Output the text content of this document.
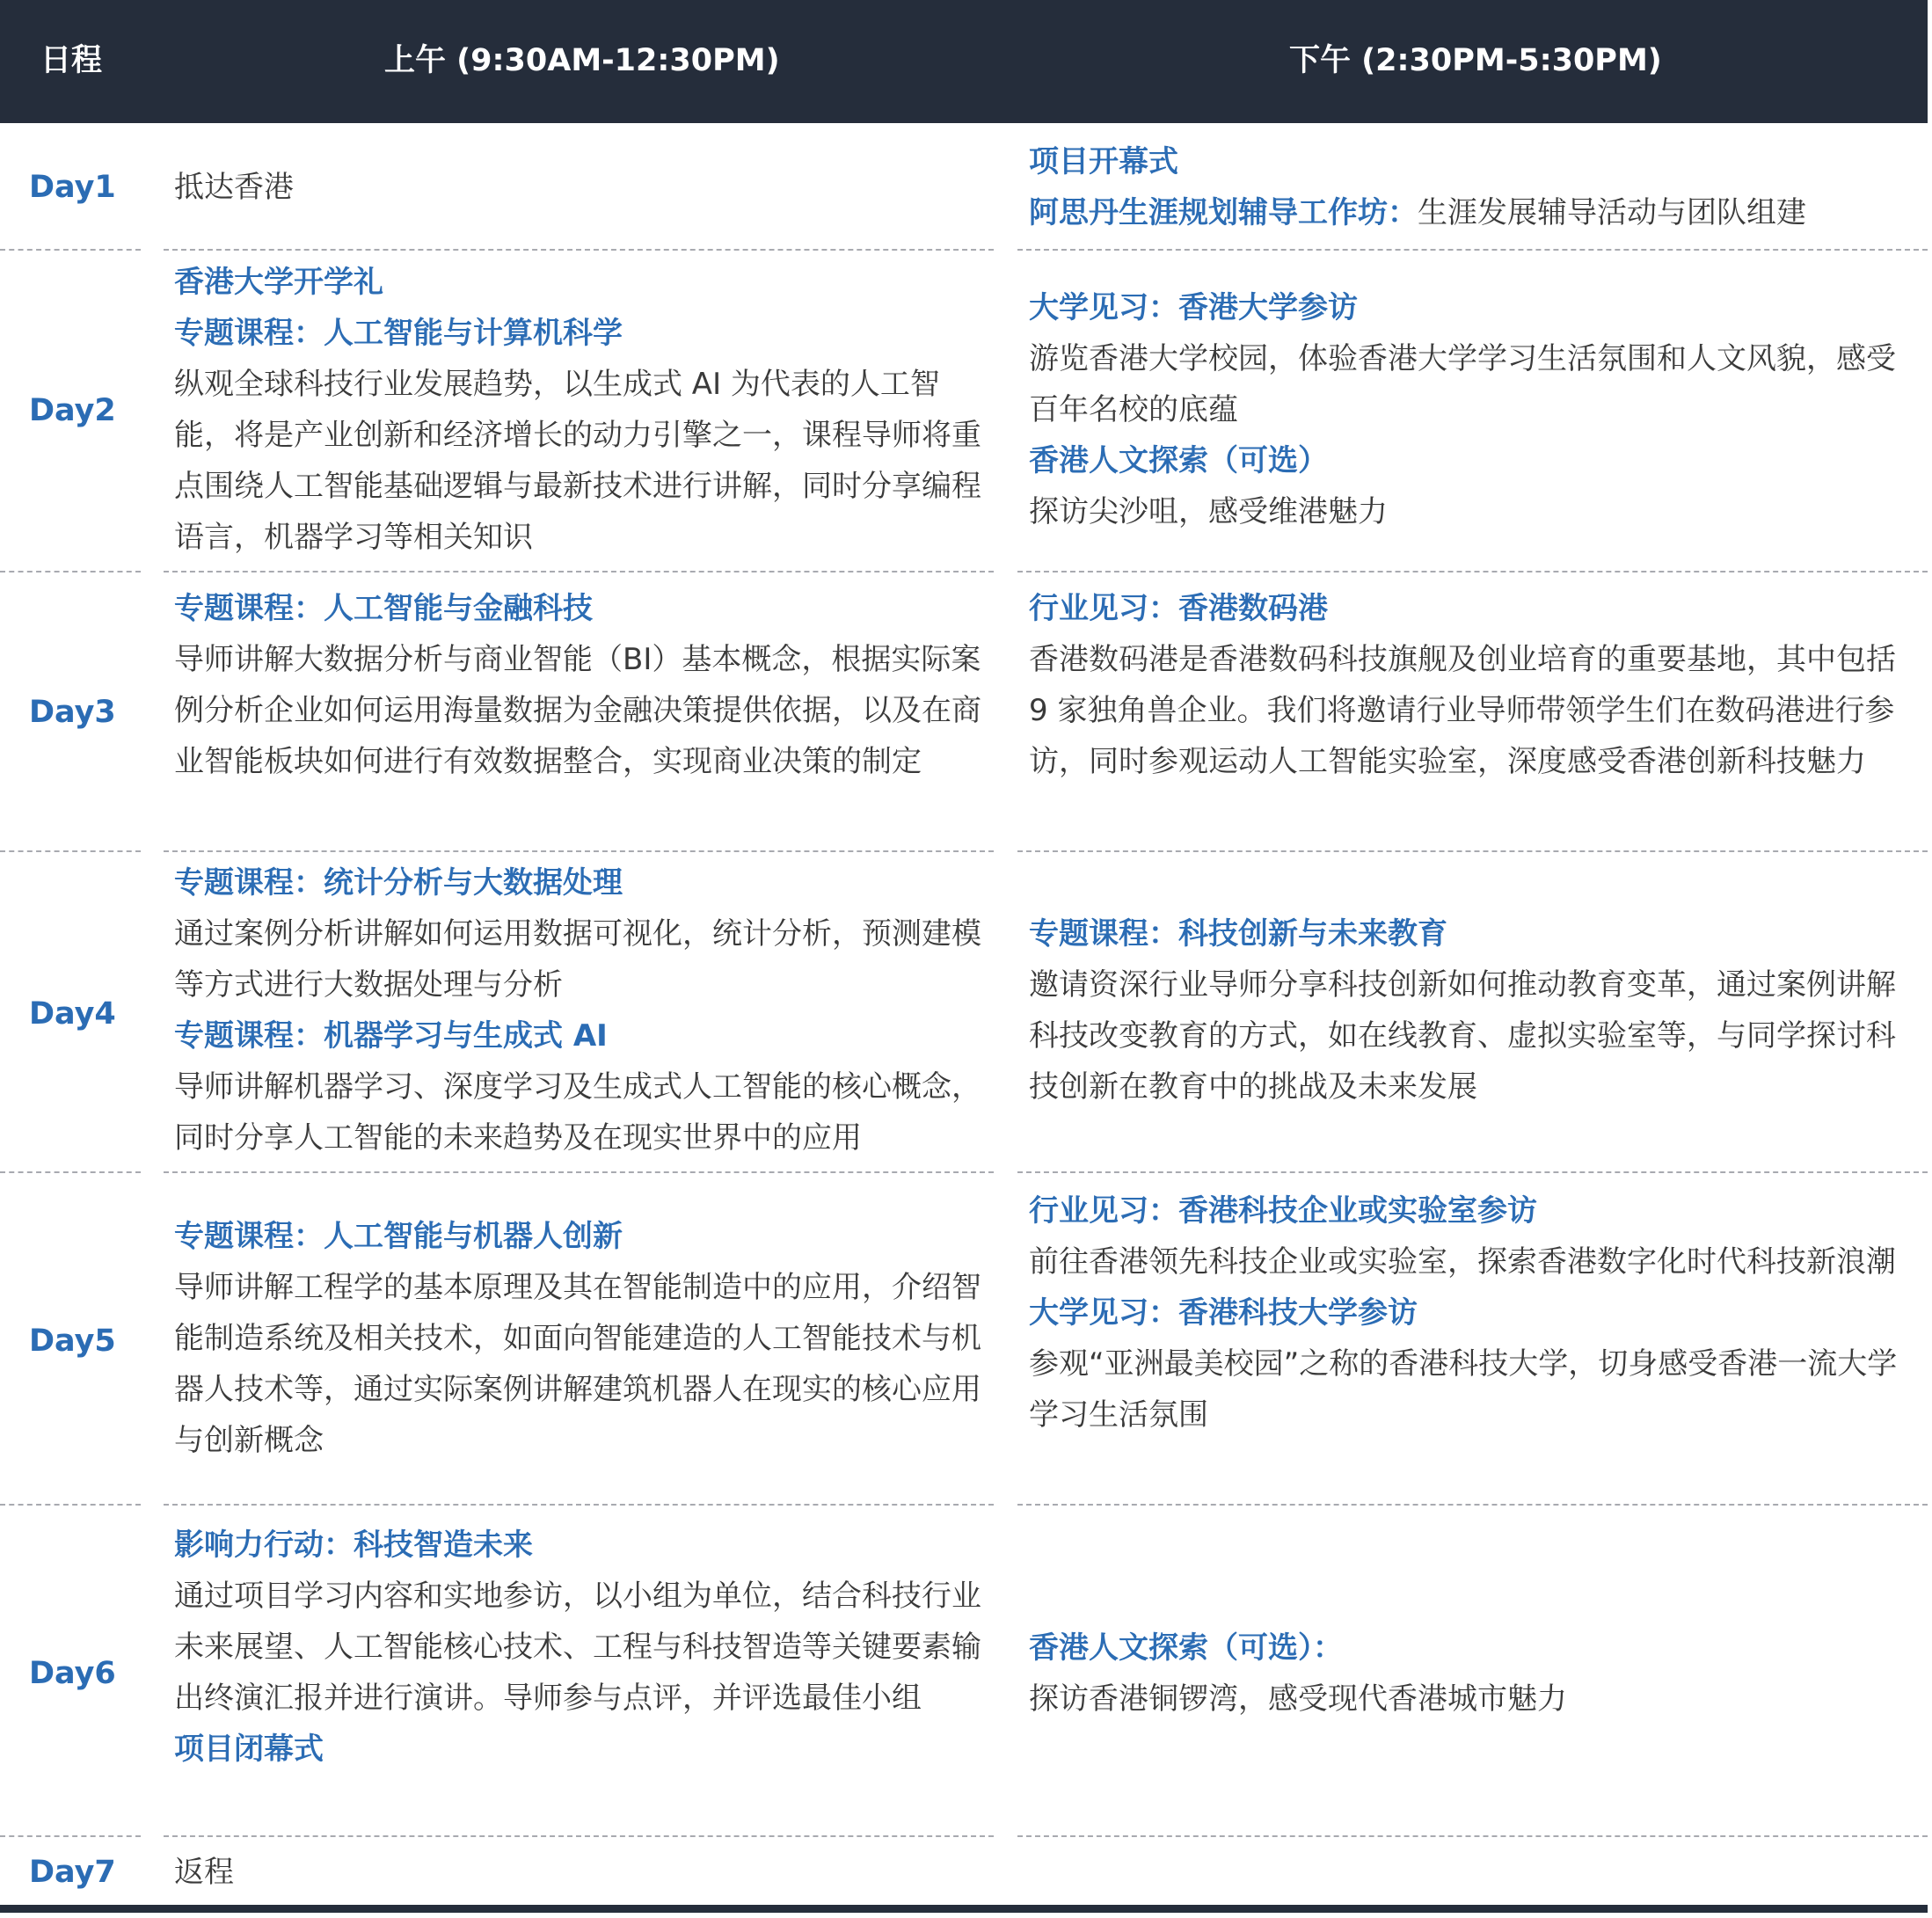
日程	上午 (9:30AM-12:30PM)	下午 (2:30PM-5:30PM)
Day1 抵达香港
项目开幕式
阿思丹生涯规划辅导工作坊：生涯发展辅导活动与团队组建
Day2
香港大学开学礼
专题课程：人工智能与计算机科学
纵观全球科技行业发展趋势，以生成式 AI 为代表的人工智能，将是产业创新和经济增长的动力引擎之一，课程导师将重点围绕人工智能基础逻辑与最新技术进行讲解，同时分享编程语言，机器学习等相关知识
大学见习：香港大学参访
游览香港大学校园，体验香港大学学习生活氛围和人文风貌，感受百年名校的底蕴
香港人文探索（可选）
探访尖沙咀，感受维港魅力
Day3
专题课程：人工智能与金融科技
导师讲解大数据分析与商业智能（BI）基本概念，根据实际案例分析企业如何运用海量数据为金融决策提供依据，以及在商业智能板块如何进行有效数据整合，实现商业决策的制定
行业见习：香港数码港
香港数码港是香港数码科技旗舰及创业培育的重要基地，其中包括 9 家独角兽企业。我们将邀请行业导师带领学生们在数码港进行参访，同时参观运动人工智能实验室，深度感受香港创新科技魅力
Day4
专题课程：统计分析与大数据处理
通过案例分析讲解如何运用数据可视化，统计分析，预测建模等方式进行大数据处理与分析
专题课程：机器学习与生成式 AI
导师讲解机器学习、深度学习及生成式人工智能的核心概念，同时分享人工智能的未来趋势及在现实世界中的应用
专题课程：科技创新与未来教育
邀请资深行业导师分享科技创新如何推动教育变革，通过案例讲解科技改变教育的方式，如在线教育、虚拟实验室等，与同学探讨科技创新在教育中的挑战及未来发展
Day5
专题课程：人工智能与机器人创新
导师讲解工程学的基本原理及其在智能制造中的应用，介绍智能制造系统及相关技术，如面向智能建造的人工智能技术与机器人技术等，通过实际案例讲解建筑机器人在现实的核心应用与创新概念
行业见习：香港科技企业或实验室参访
前往香港领先科技企业或实验室，探索香港数字化时代科技新浪潮
大学见习：香港科技大学参访
参观“亚洲最美校园”之称的香港科技大学，切身感受香港一流大学学习生活氛围
Day6
影响力行动：科技智造未来
通过项目学习内容和实地参访，以小组为单位，结合科技行业未来展望、人工智能核心技术、工程与科技智造等关键要素输出终演汇报并进行演讲。导师参与点评，并评选最佳小组
项目闭幕式
香港人文探索（可选）：
探访香港铜锣湾，感受现代香港城市魅力
Day7 返程
